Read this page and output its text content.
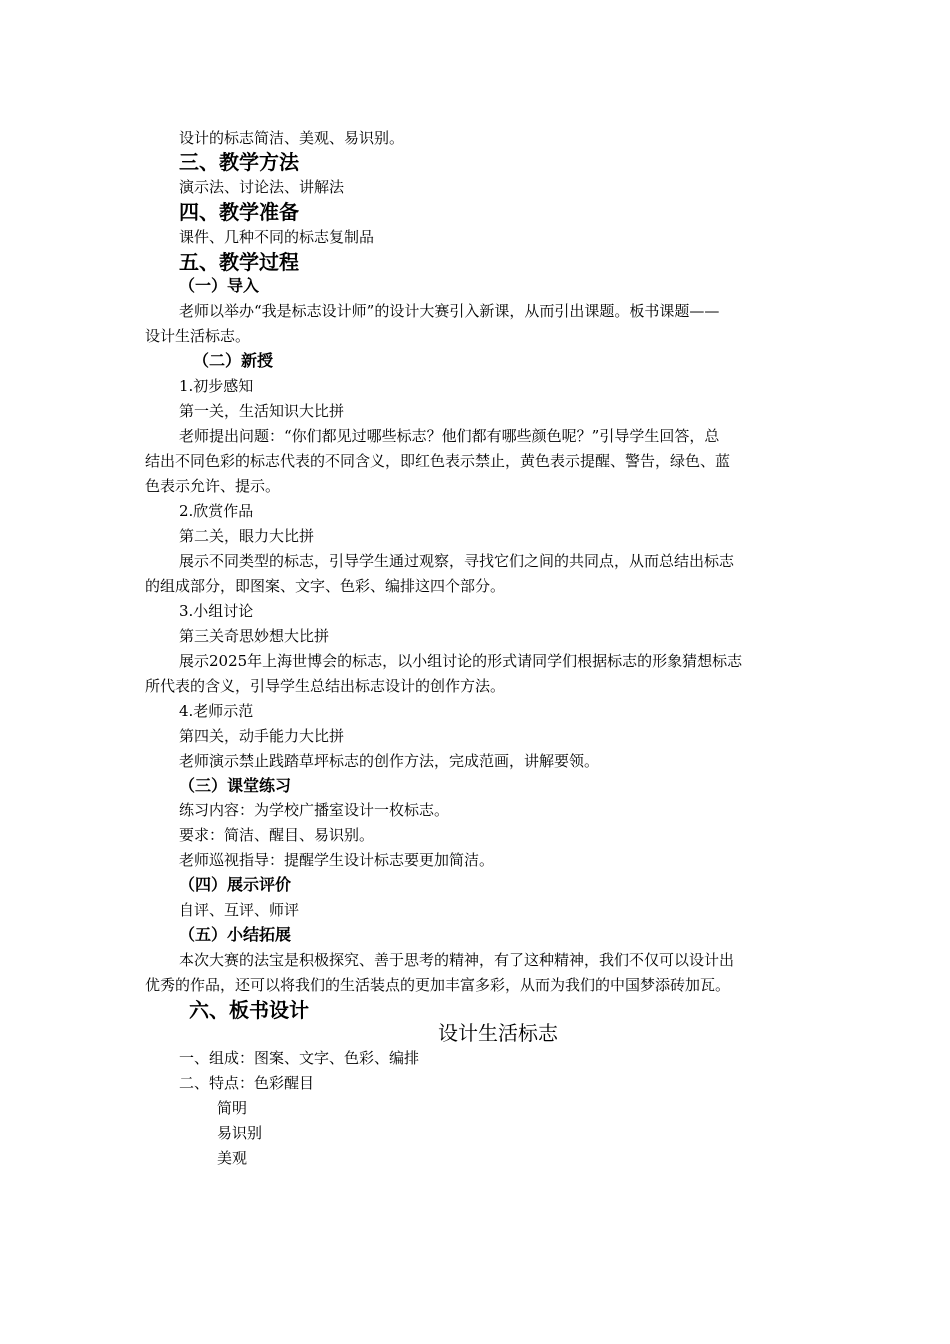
设计的标志简洁、美观、易识别。
三、教学方法
演示法、讨论法、讲解法
四、教学准备
课件、几种不同的标志复制品
五、教学过程
（一）导入
老师以举办“我是标志设计师”的设计大赛引入新课，从而引出课题。板书课题——
设计生活标志。
（二）新授
1.初步感知
第一关，生活知识大比拼
老师提出问题：“你们都见过哪些标志？他们都有哪些颜色呢？”引导学生回答，总
结出不同色彩的标志代表的不同含义，即红色表示禁止，黄色表示提醒、警告，绿色、蓝
色表示允许、提示。
2.欣赏作品
第二关，眼力大比拼
展示不同类型的标志，引导学生通过观察，寻找它们之间的共同点，从而总结出标志
的组成部分，即图案、文字、色彩、编排这四个部分。
3.小组讨论
第三关奇思妙想大比拼
展示2025年上海世博会的标志，以小组讨论的形式请同学们根据标志的形象猜想标志
所代表的含义，引导学生总结出标志设计的创作方法。
4.老师示范
第四关，动手能力大比拼
老师演示禁止践踏草坪标志的创作方法，完成范画，讲解要领。
（三）课堂练习
练习内容：为学校广播室设计一枚标志。
要求：简洁、醒目、易识别。
老师巡视指导：提醒学生设计标志要更加简洁。
（四）展示评价
自评、互评、师评
（五）小结拓展
本次大赛的法宝是积极探究、善于思考的精神，有了这种精神，我们不仅可以设计出
优秀的作品，还可以将我们的生活装点的更加丰富多彩，从而为我们的中国梦添砖加瓦。
六、板书设计
设计生活标志
一、组成：图案、文字、色彩、编排
二、特点：色彩醒目
简明
易识别
美观
